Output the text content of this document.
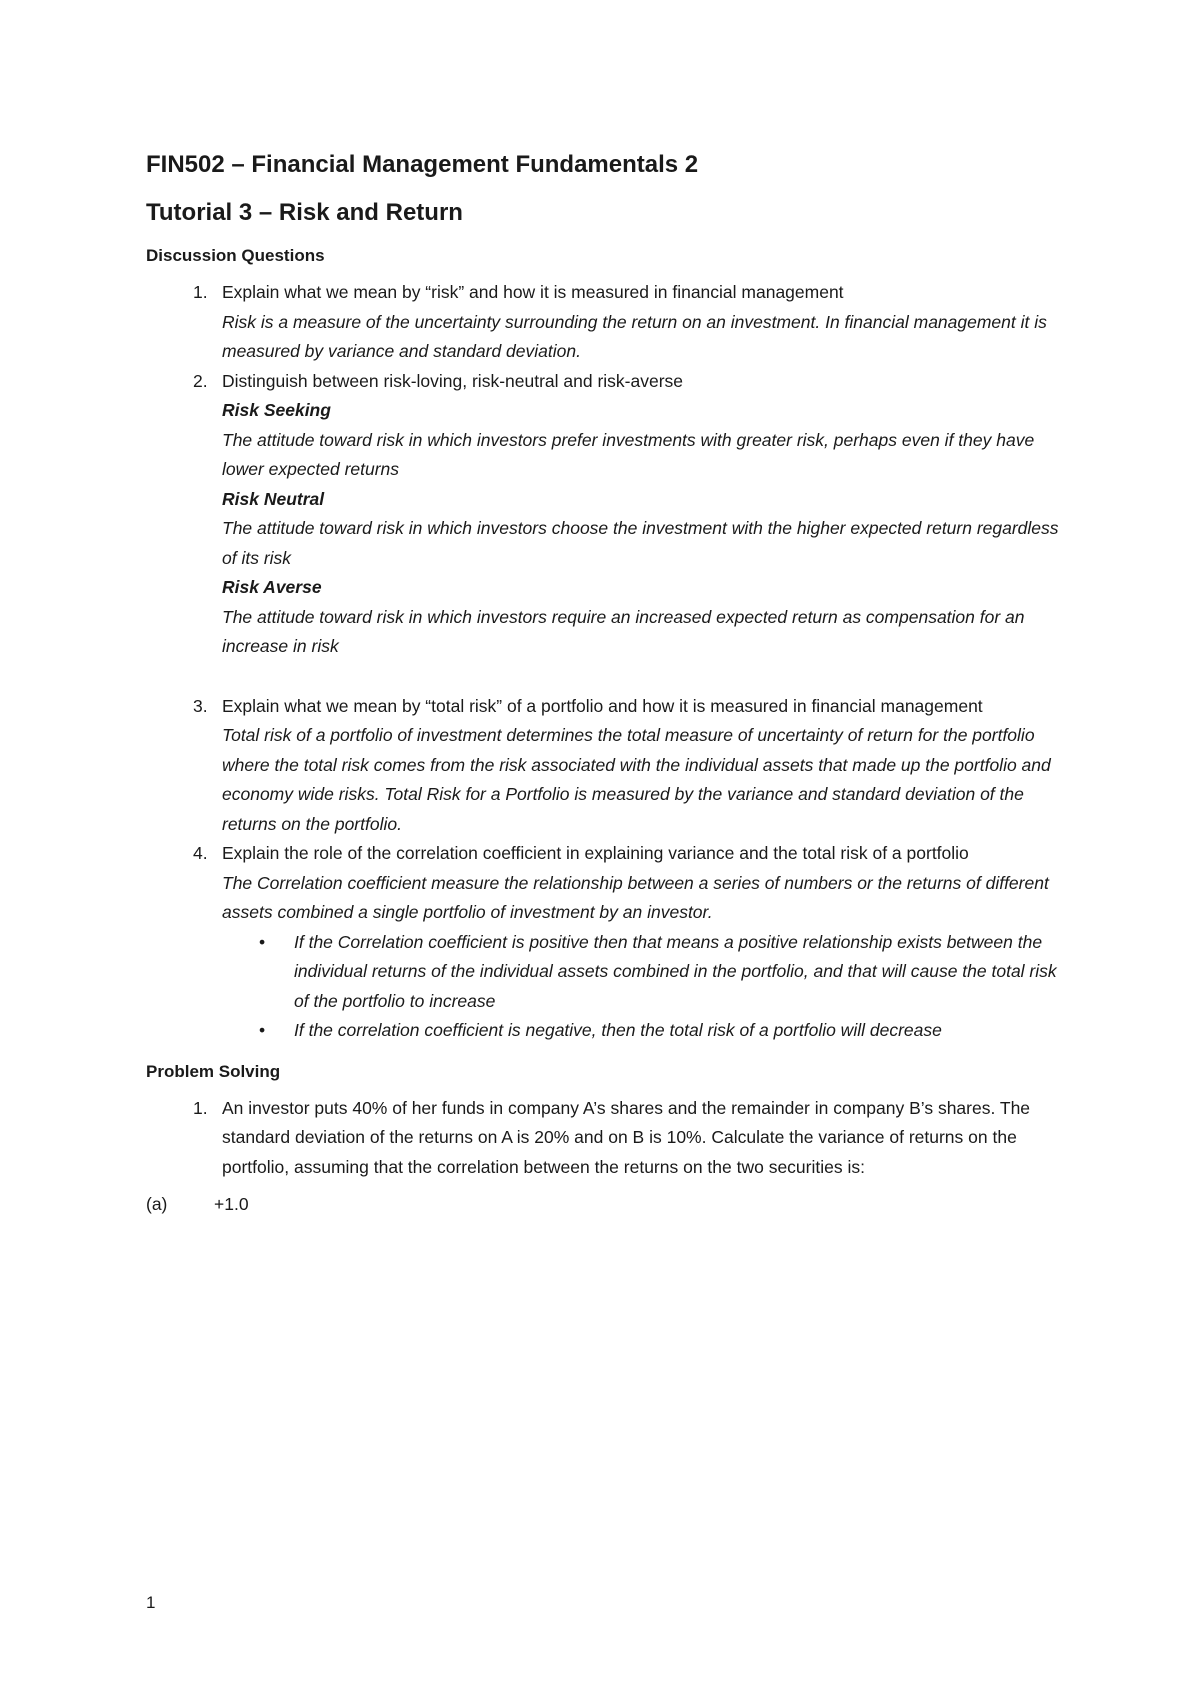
FIN502 – Financial Management Fundamentals 2
Tutorial 3 – Risk and Return
Discussion Questions
1. Explain what we mean by “risk” and how it is measured in financial management
Risk is a measure of the uncertainty surrounding the return on an investment. In financial management it is measured by variance and standard deviation.
2. Distinguish between risk-loving, risk-neutral and risk-averse
Risk Seeking
The attitude toward risk in which investors prefer investments with greater risk, perhaps even if they have lower expected returns
Risk Neutral
The attitude toward risk in which investors choose the investment with the higher expected return regardless of its risk
Risk Averse
The attitude toward risk in which investors require an increased expected return as compensation for an increase in risk
3. Explain what we mean by “total risk” of a portfolio and how it is measured in financial management
Total risk of a portfolio of investment determines the total measure of uncertainty of return for the portfolio where the total risk comes from the risk associated with the individual assets that made up the portfolio and economy wide risks. Total Risk for a Portfolio is measured by the variance and standard deviation of the returns on the portfolio.
4. Explain the role of the correlation coefficient in explaining variance and the total risk of a portfolio
The Correlation coefficient measure the relationship between a series of numbers or the returns of different assets combined a single portfolio of investment by an investor.
• If the Correlation coefficient is positive then that means a positive relationship exists between the individual returns of the individual assets combined in the portfolio, and that will cause the total risk of the portfolio to increase
• If the correlation coefficient is negative, then the total risk of a portfolio will decrease
Problem Solving
1. An investor puts 40% of her funds in company A’s shares and the remainder in company B’s shares. The standard deviation of the returns on A is 20% and on B is 10%. Calculate the variance of returns on the portfolio, assuming that the correlation between the returns on the two securities is:
(a)	+1.0
1
